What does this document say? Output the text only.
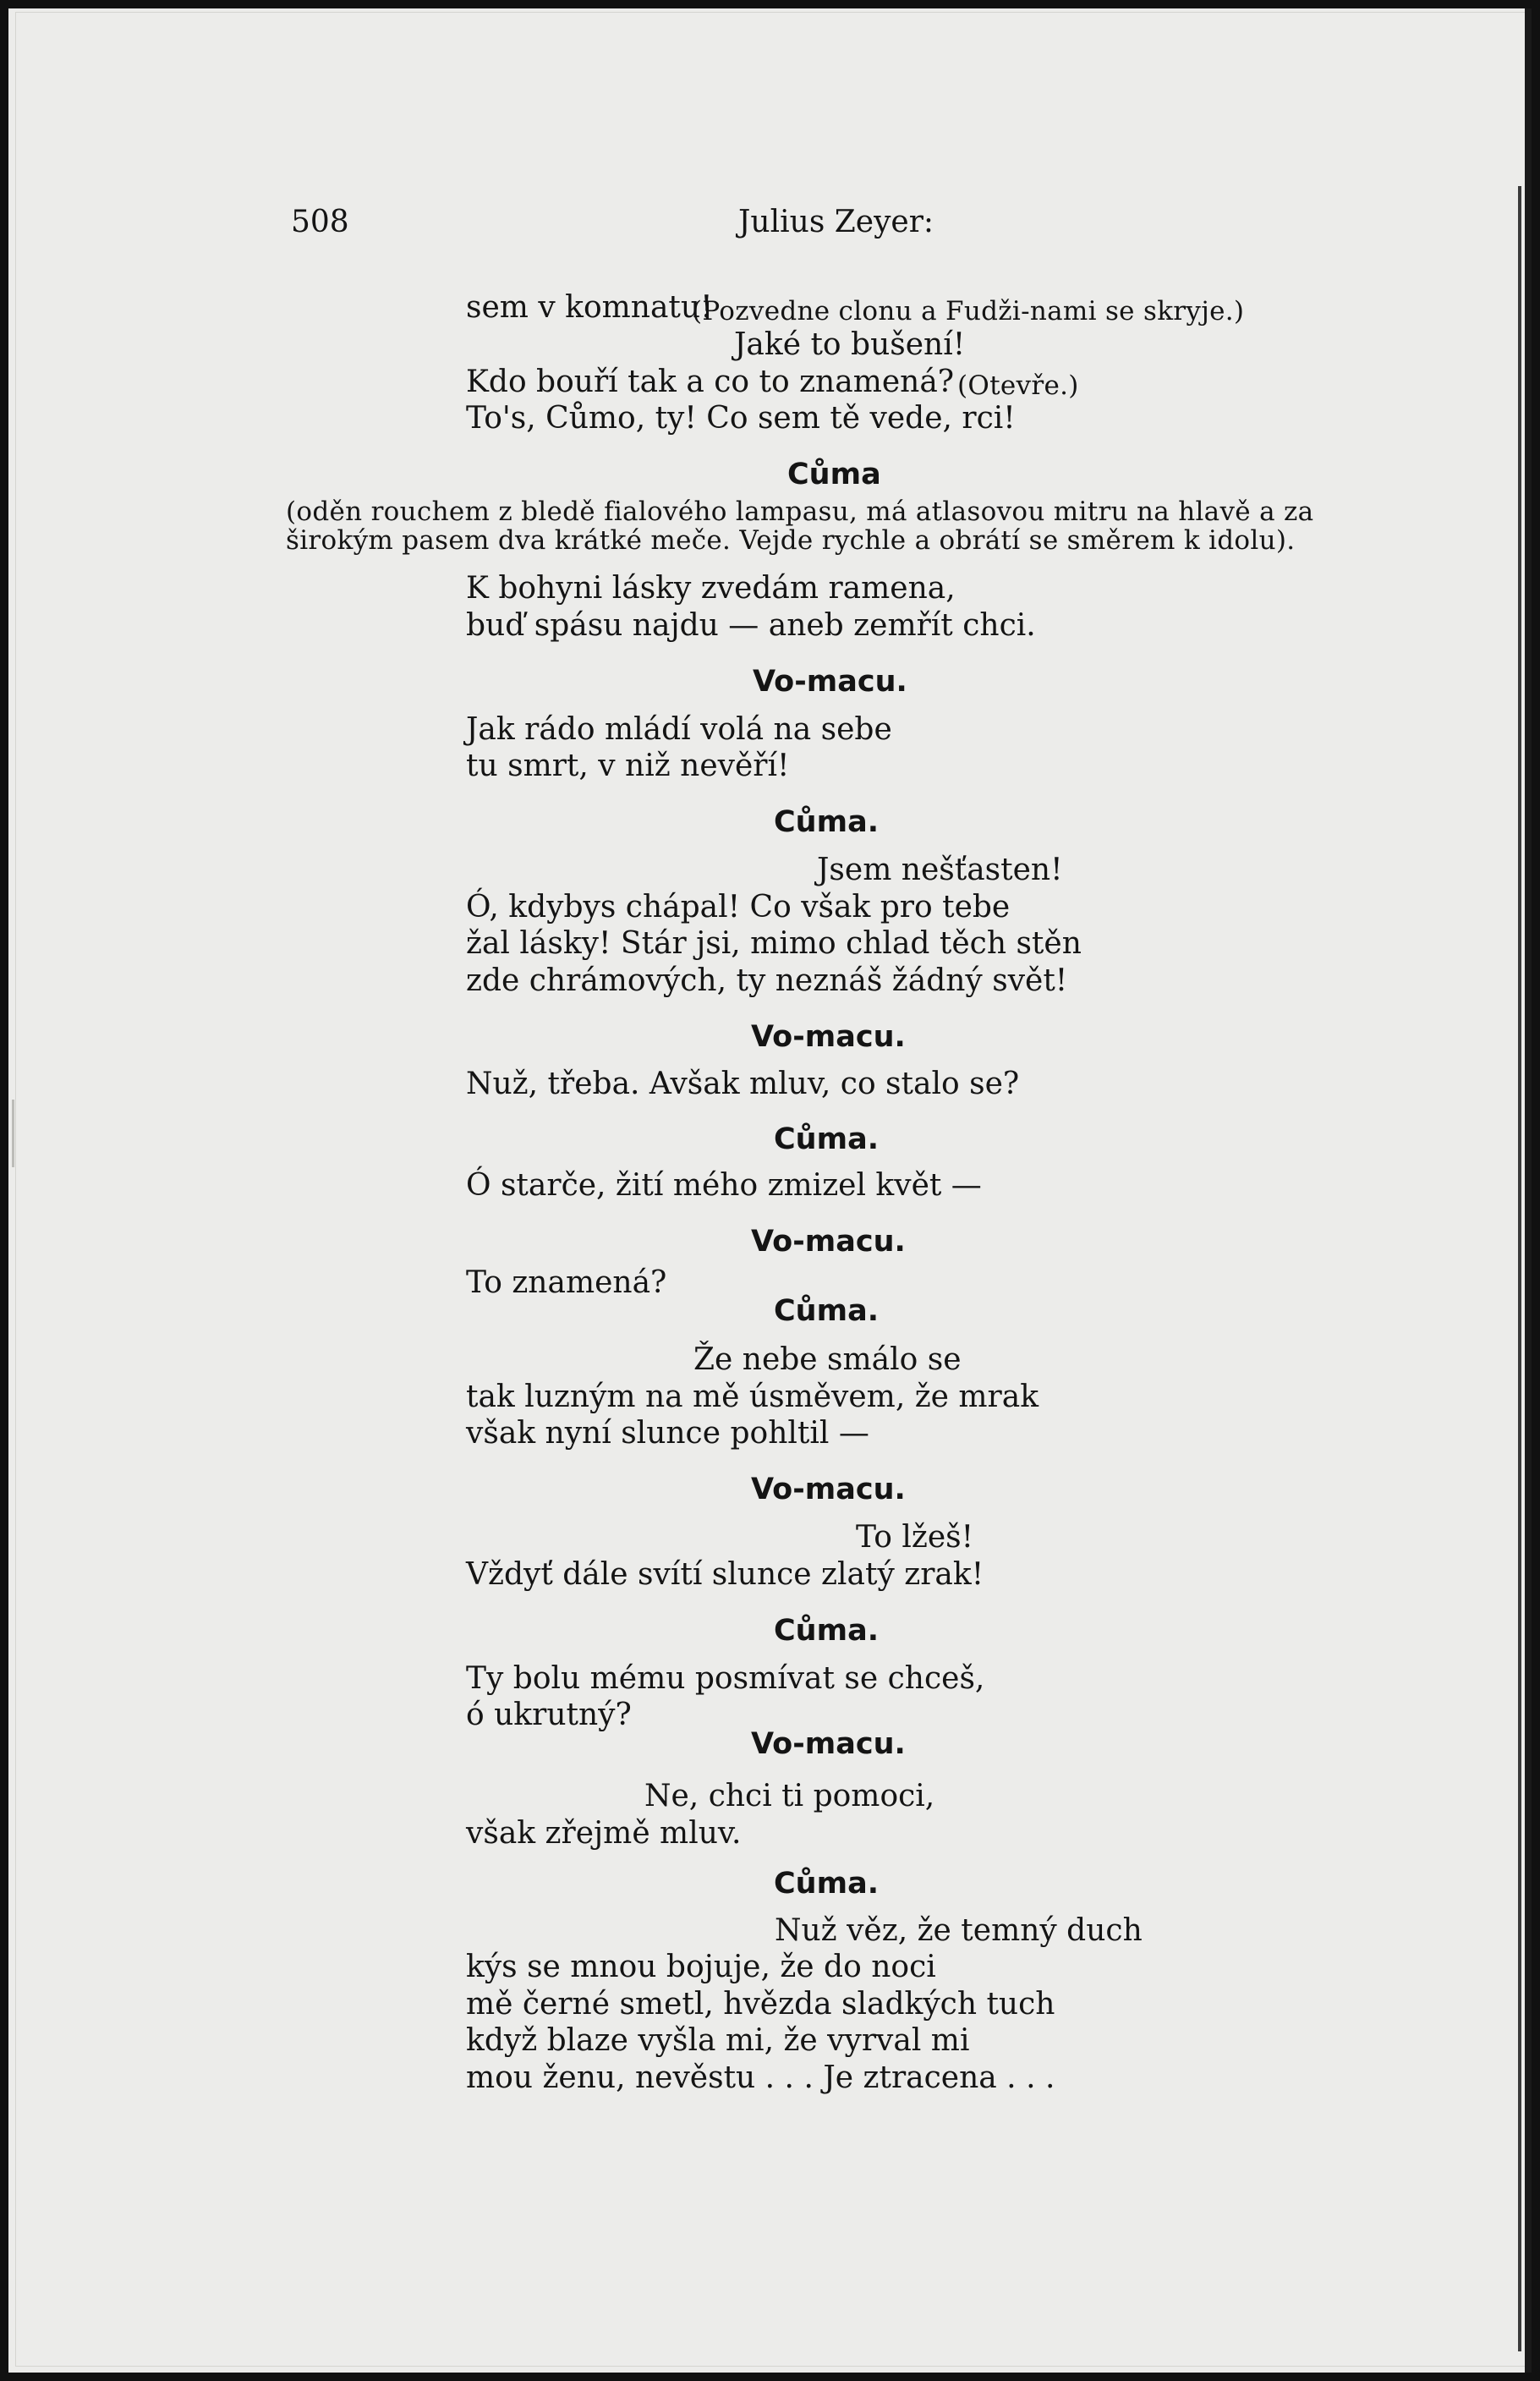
508	Julius Zeyer:
sem v komnatu!
(Pozvedne clonu a Fudži-nami se skryje.)
Jaké to bušení!
Kdo bouří tak a co to znamená? (Otevře.)
To's, Cůmo, ty! Co sem tě vede, rci!
Cůma
(oděn rouchem z bledě fialového lampasu, má atlasovou mitru na hlavě a za
širokým pasem dva krátké meče. Vejde rychle a obrátí se směrem k idolu).
K bohyni lásky zvedám ramena,
buď spásu najdu — aneb zemřít chci.
Vo-macu.
Jak rádo mládí volá na sebe
tu smrt, v niž nevěří!
Cůma.
Jsem nešťasten!
Ó, kdybys chápal! Co však pro tebe
žal lásky! Stár jsi, mimo chlad těch stěn
zde chrámových, ty neznáš žádný svět!
Vo-macu.
Nuž, třeba. Avšak mluv, co stalo se?
Cůma.
Ó starče, žití mého zmizel květ —
Vo-macu.
To znamená?
Cůma.
Že nebe smálo se
tak luzným na mě úsměvem, že mrak
však nyní slunce pohltil —
Vo-macu.
To lžeš!
Vždyť dále svítí slunce zlatý zrak!
Cůma.
Ty bolu mému posmívat se chceš,
ó ukrutný?
Vo-macu.
Ne, chci ti pomoci,
však zřejmě mluv.
Cůma.
Nuž věz, že temný duch
kýs se mnou bojuje, že do noci
mě černé smetl, hvězda sladkých tuch
když blaze vyšla mi, že vyrval mi
mou ženu, nevěstu . . . Je ztracena . . .
